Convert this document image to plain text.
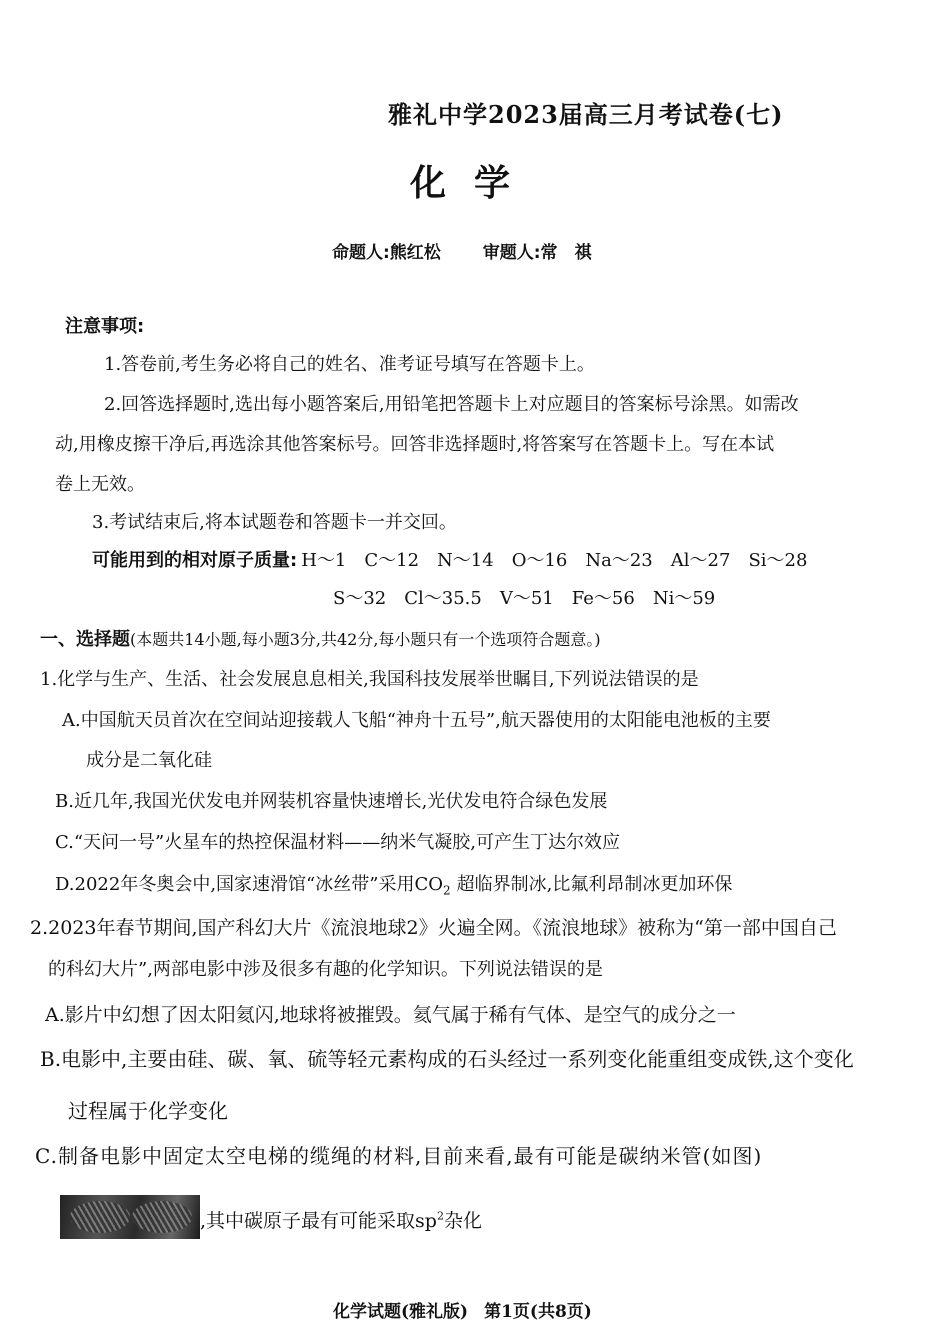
雅礼中学2023届高三月考试卷(七)
化学
命题人:熊红松 审题人:常　祺
注意事项:
1.答卷前,考生务必将自己的姓名、准考证号填写在答题卡上。
2.回答选择题时,选出每小题答案后,用铅笔把答题卡上对应题目的答案标号涂黑。如需改
动,用橡皮擦干净后,再选涂其他答案标号。回答非选择题时,将答案写在答题卡上。写在本试
卷上无效。
3.考试结束后,将本试题卷和答题卡一并交回。
可能用到的相对原子质量: H～1 C～12 N～14 O～16 Na～23 Al～27 Si～28
S～32 Cl～35.5 V～51 Fe～56 Ni～59
一、选择题(本题共14小题,每小题3分,共42分,每小题只有一个选项符合题意。)
1.化学与生产、生活、社会发展息息相关,我国科技发展举世瞩目,下列说法错误的是
A.中国航天员首次在空间站迎接载人飞船“神舟十五号”,航天器使用的太阳能电池板的主要
成分是二氧化硅
B.近几年,我国光伏发电并网装机容量快速增长,光伏发电符合绿色发展
C.“天问一号”火星车的热控保温材料——纳米气凝胶,可产生丁达尔效应
D.2022年冬奥会中,国家速滑馆“冰丝带”采用$CO_2$ 超临界制冰,比氟利昂制冰更加环保
2.2023年春节期间,国产科幻大片《流浪地球2》火遍全网。《流浪地球》被称为“第一部中国自己
的科幻大片”,两部电影中涉及很多有趣的化学知识。下列说法错误的是
A.影片中幻想了因太阳氦闪,地球将被摧毁。氦气属于稀有气体、是空气的成分之一
B.电影中,主要由硅、碳、氧、硫等轻元素构成的石头经过一系列变化能重组变成铁,这个变化
过程属于化学变化
C.制备电影中固定太空电梯的缆绳的材料,目前来看,最有可能是碳纳米管(如图)
,其中碳原子最有可能采取$sp^2$杂化
化学试题(雅礼版) 第1页(共8页)
